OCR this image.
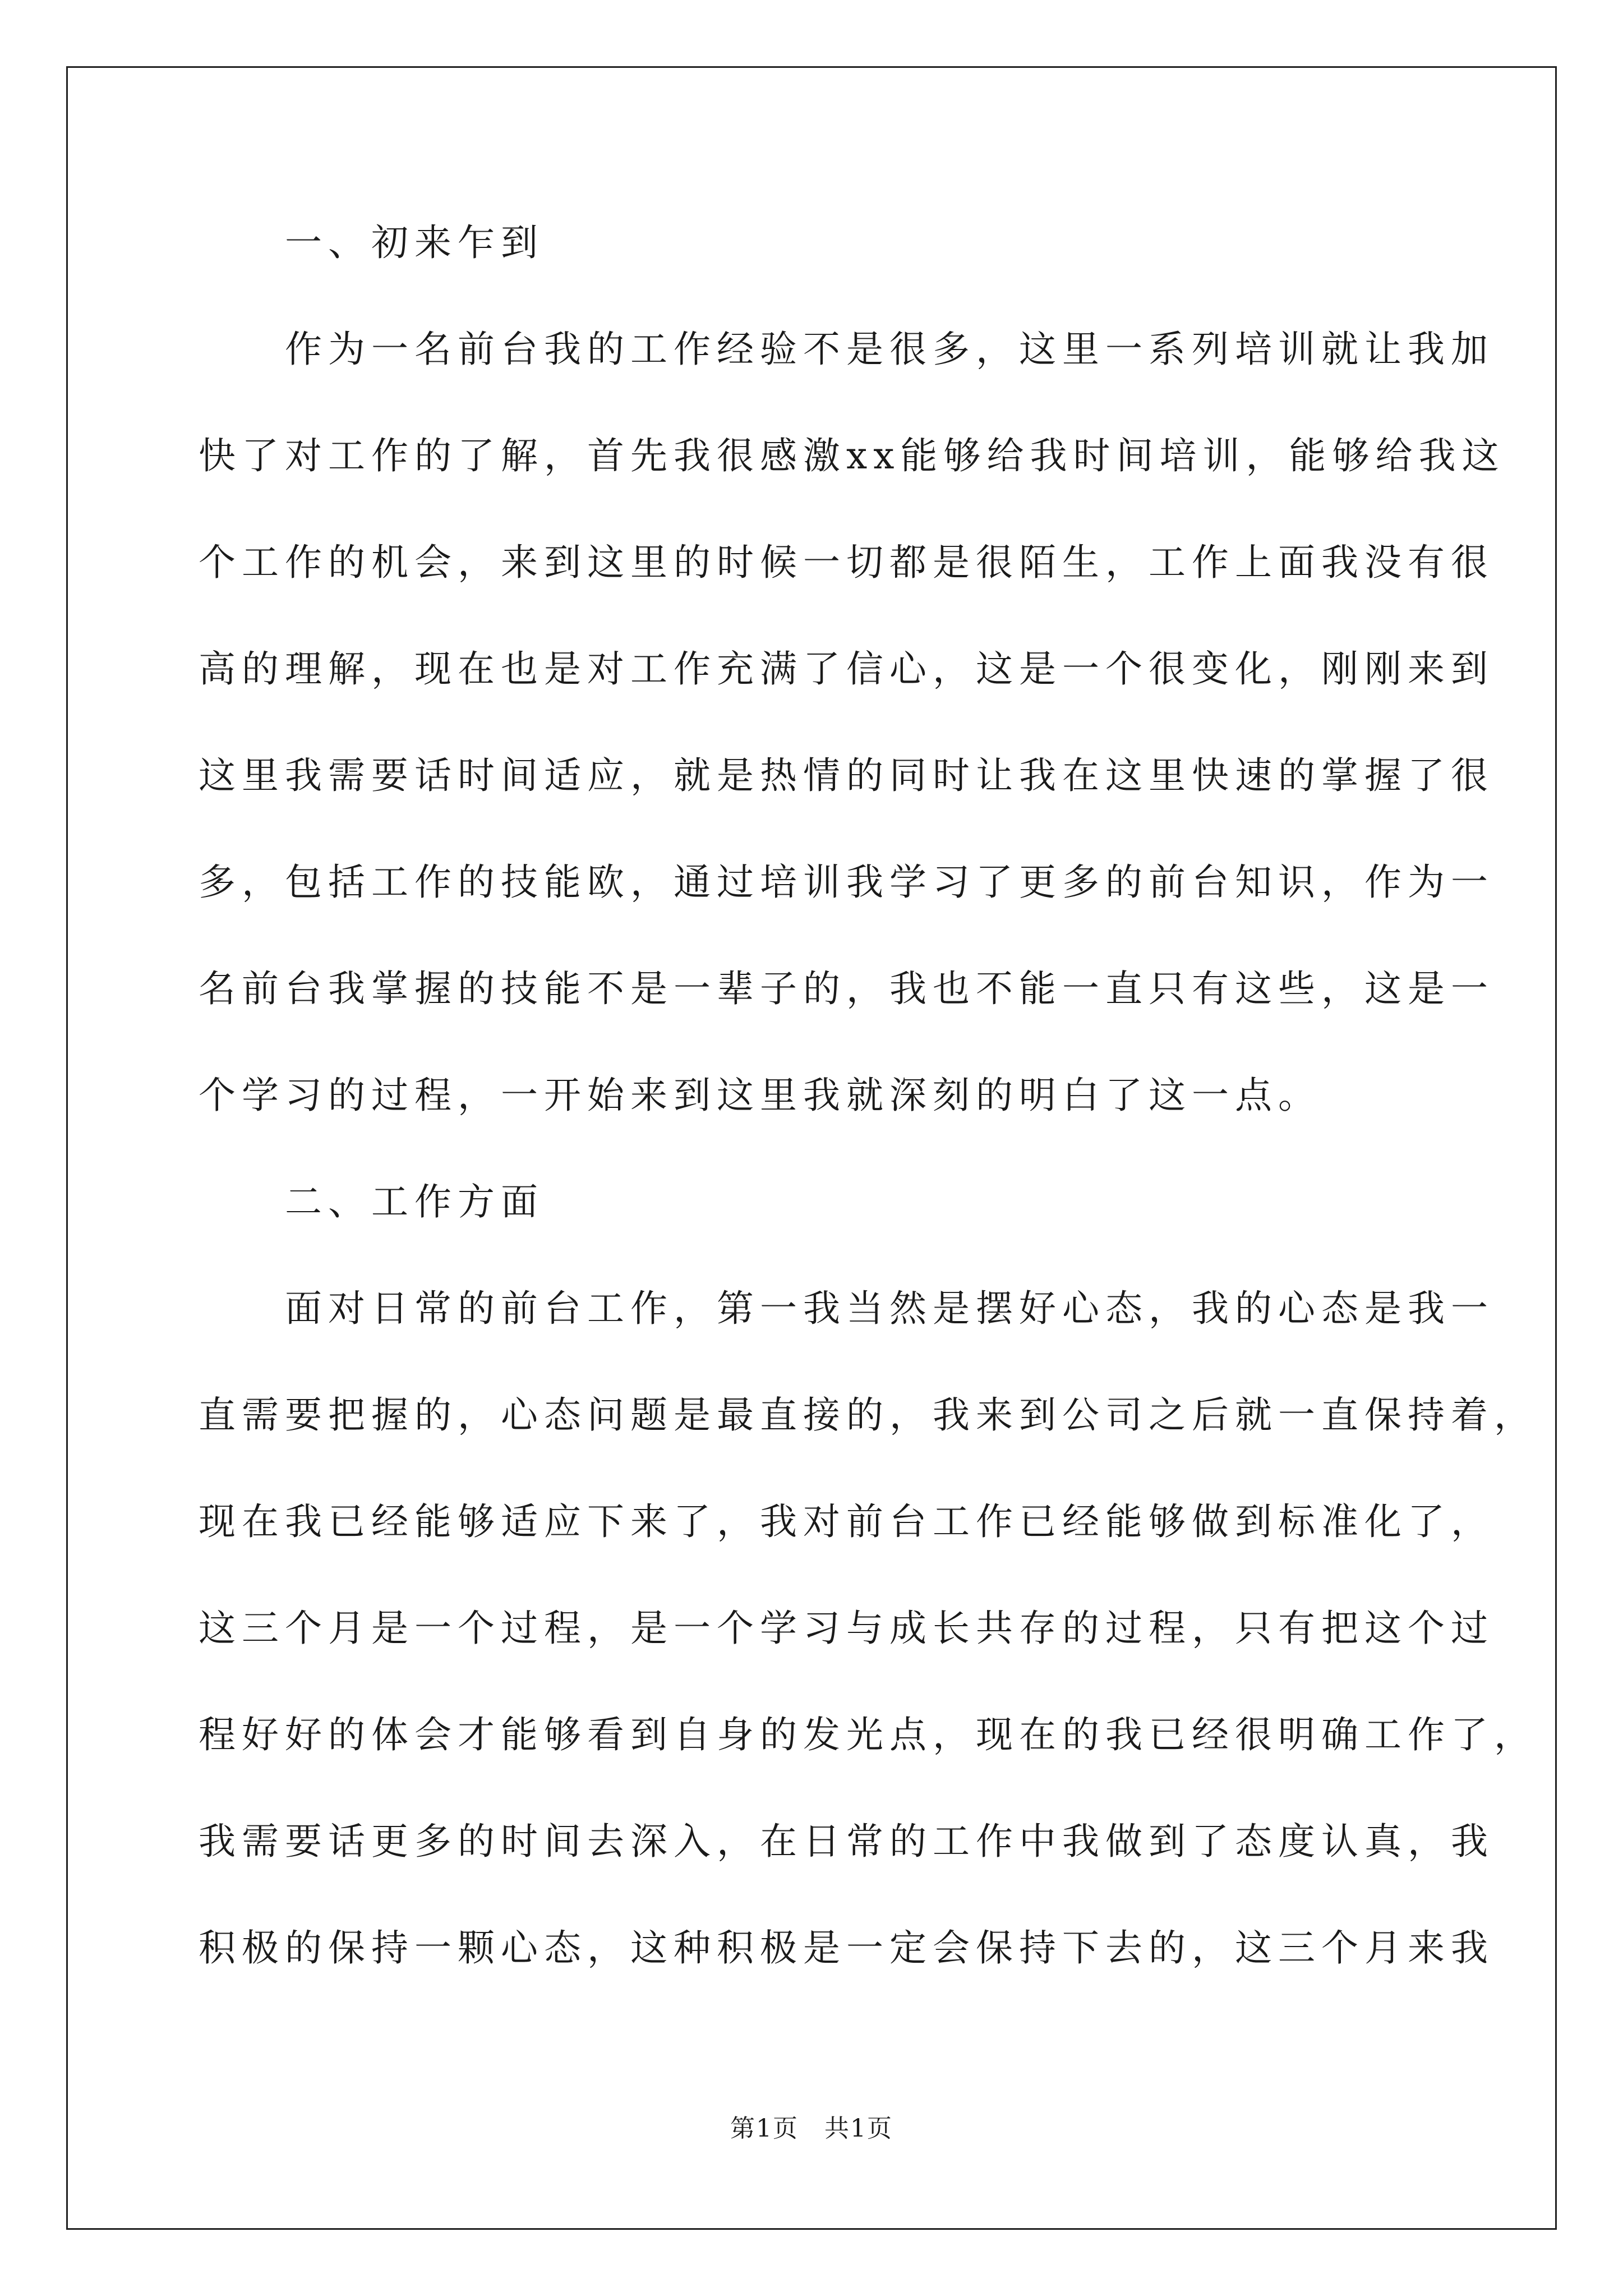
　　一、初来乍到

　　作为一名前台我的工作经验不是很多，这里一系列培训就让我加

快了对工作的了解，首先我很感激xx能够给我时间培训，能够给我这

个工作的机会，来到这里的时候一切都是很陌生，工作上面我没有很

高的理解，现在也是对工作充满了信心，这是一个很变化，刚刚来到

这里我需要话时间适应，就是热情的同时让我在这里快速的掌握了很

多，包括工作的技能欧，通过培训我学习了更多的前台知识，作为一

名前台我掌握的技能不是一辈子的，我也不能一直只有这些，这是一

个学习的过程，一开始来到这里我就深刻的明白了这一点。

　　二、工作方面

　　面对日常的前台工作，第一我当然是摆好心态，我的心态是我一

直需要把握的，心态问题是最直接的，我来到公司之后就一直保持着，

现在我已经能够适应下来了，我对前台工作已经能够做到标准化了，

这三个月是一个过程，是一个学习与成长共存的过程，只有把这个过

程好好的体会才能够看到自身的发光点，现在的我已经很明确工作了，

我需要话更多的时间去深入，在日常的工作中我做到了态度认真，我

积极的保持一颗心态，这种积极是一定会保持下去的，这三个月来我

第1页　共1页
